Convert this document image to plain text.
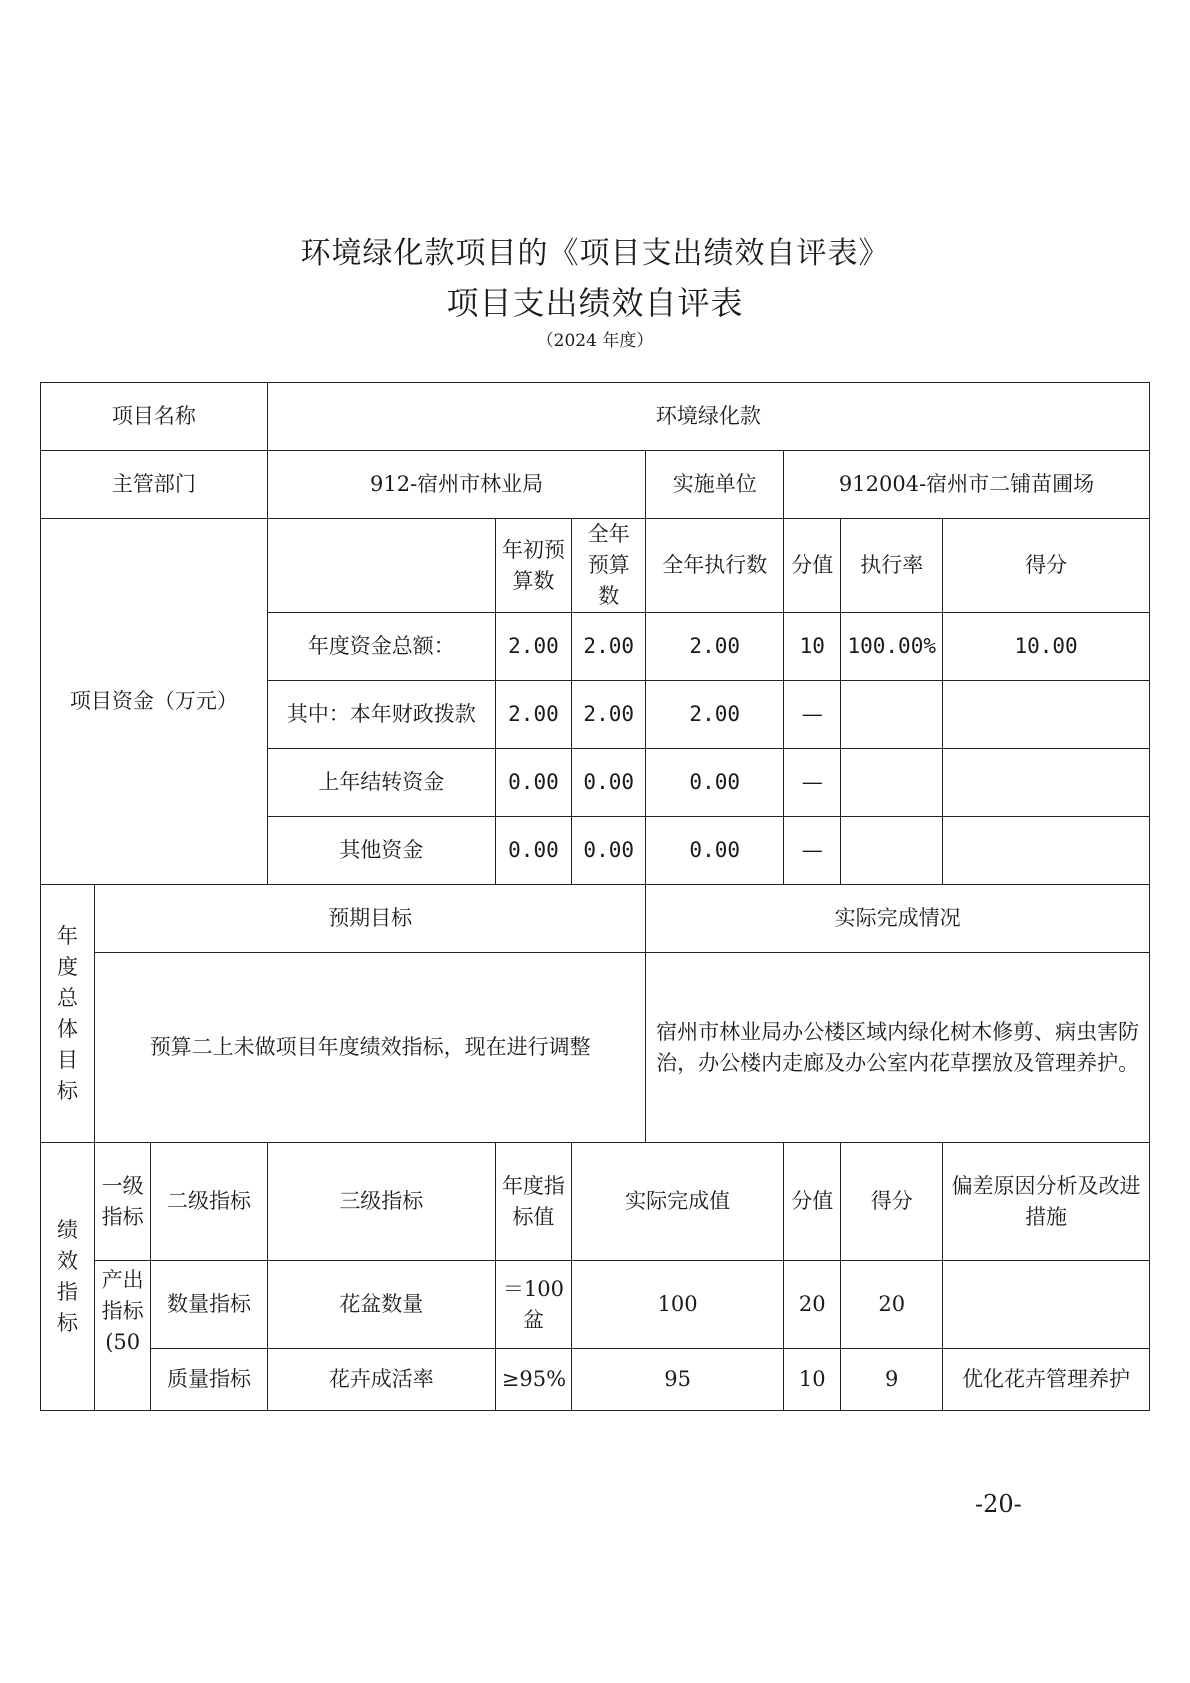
环境绿化款项目的《项目支出绩效自评表》
项目支出绩效自评表
（2024 年度）
项目名称			环境绿化款						
主管部门			912-宿州市林业局			实施单位	912004-宿州市二铺苗圃场		
项目资金（万元）				年初预算数	全年预算数	全年执行数	分值	执行率	得分
			年度资金总额：	2.00	2.00	2.00	10	100.00%	10.00
			其中：本年财政拨款	2.00	2.00	2.00	—		
			上年结转资金	0.00	0.00	0.00	—		
			其他资金	0.00	0.00	0.00	—		
年度总体目标	预期目标					实际完成情况			
	预算二上未做项目年度绩效指标，现在进行调整					宿州市林业局办公楼区域内绿化树木修剪、病虫害防治，办公楼内走廊及办公室内花草摆放及管理养护。			
绩效指标	一级指标	二级指标	三级指标	年度指标值	实际完成值		分值	得分	偏差原因分析及改进措施
	产出指标(50	数量指标	花盆数量	＝100盆	100		20	20	
		质量指标	花卉成活率	≥95%	95		10	9	优化花卉管理养护
-20-
